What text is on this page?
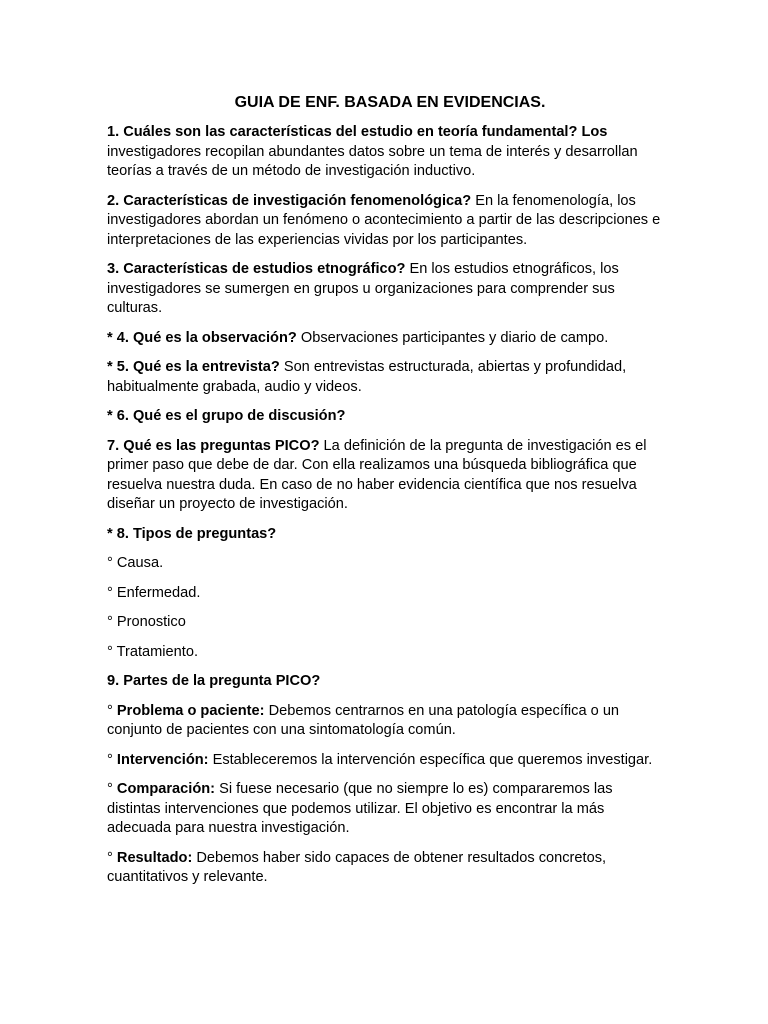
GUIA DE ENF. BASADA EN EVIDENCIAS.

1. Cuáles son las características del estudio en teoría fundamental? Los investigadores recopilan abundantes datos sobre un tema de interés y desarrollan teorías a través de un método de investigación inductivo.

2. Características de investigación fenomenológica? En la fenomenología, los investigadores abordan un fenómeno o acontecimiento a partir de las descripciones e interpretaciones de las experiencias vividas por los participantes.

3. Características de estudios etnográfico? En los estudios etnográficos, los investigadores se sumergen en grupos u organizaciones para comprender sus culturas.

* 4. Qué es la observación? Observaciones participantes y diario de campo.

* 5. Qué es la entrevista? Son entrevistas estructurada, abiertas y profundidad, habitualmente grabada, audio y videos.

* 6. Qué es el grupo de discusión?

7. Qué es las preguntas PICO? La definición de la pregunta de investigación es el primer paso que debe de dar. Con ella realizamos una búsqueda bibliográfica que resuelva nuestra duda. En caso de no haber evidencia científica que nos resuelva diseñar un proyecto de investigación.

* 8. Tipos de preguntas?

° Causa.

° Enfermedad.

° Pronostico

° Tratamiento.

9. Partes de la pregunta PICO?

° Problema o paciente: Debemos centrarnos en una patología específica o un conjunto de pacientes con una sintomatología común.

° Intervención: Estableceremos la intervención específica que queremos investigar.

° Comparación: Si fuese necesario (que no siempre lo es) compararemos las distintas intervenciones que podemos utilizar. El objetivo es encontrar la más adecuada para nuestra investigación.

° Resultado: Debemos haber sido capaces de obtener resultados concretos, cuantitativos y relevante.
